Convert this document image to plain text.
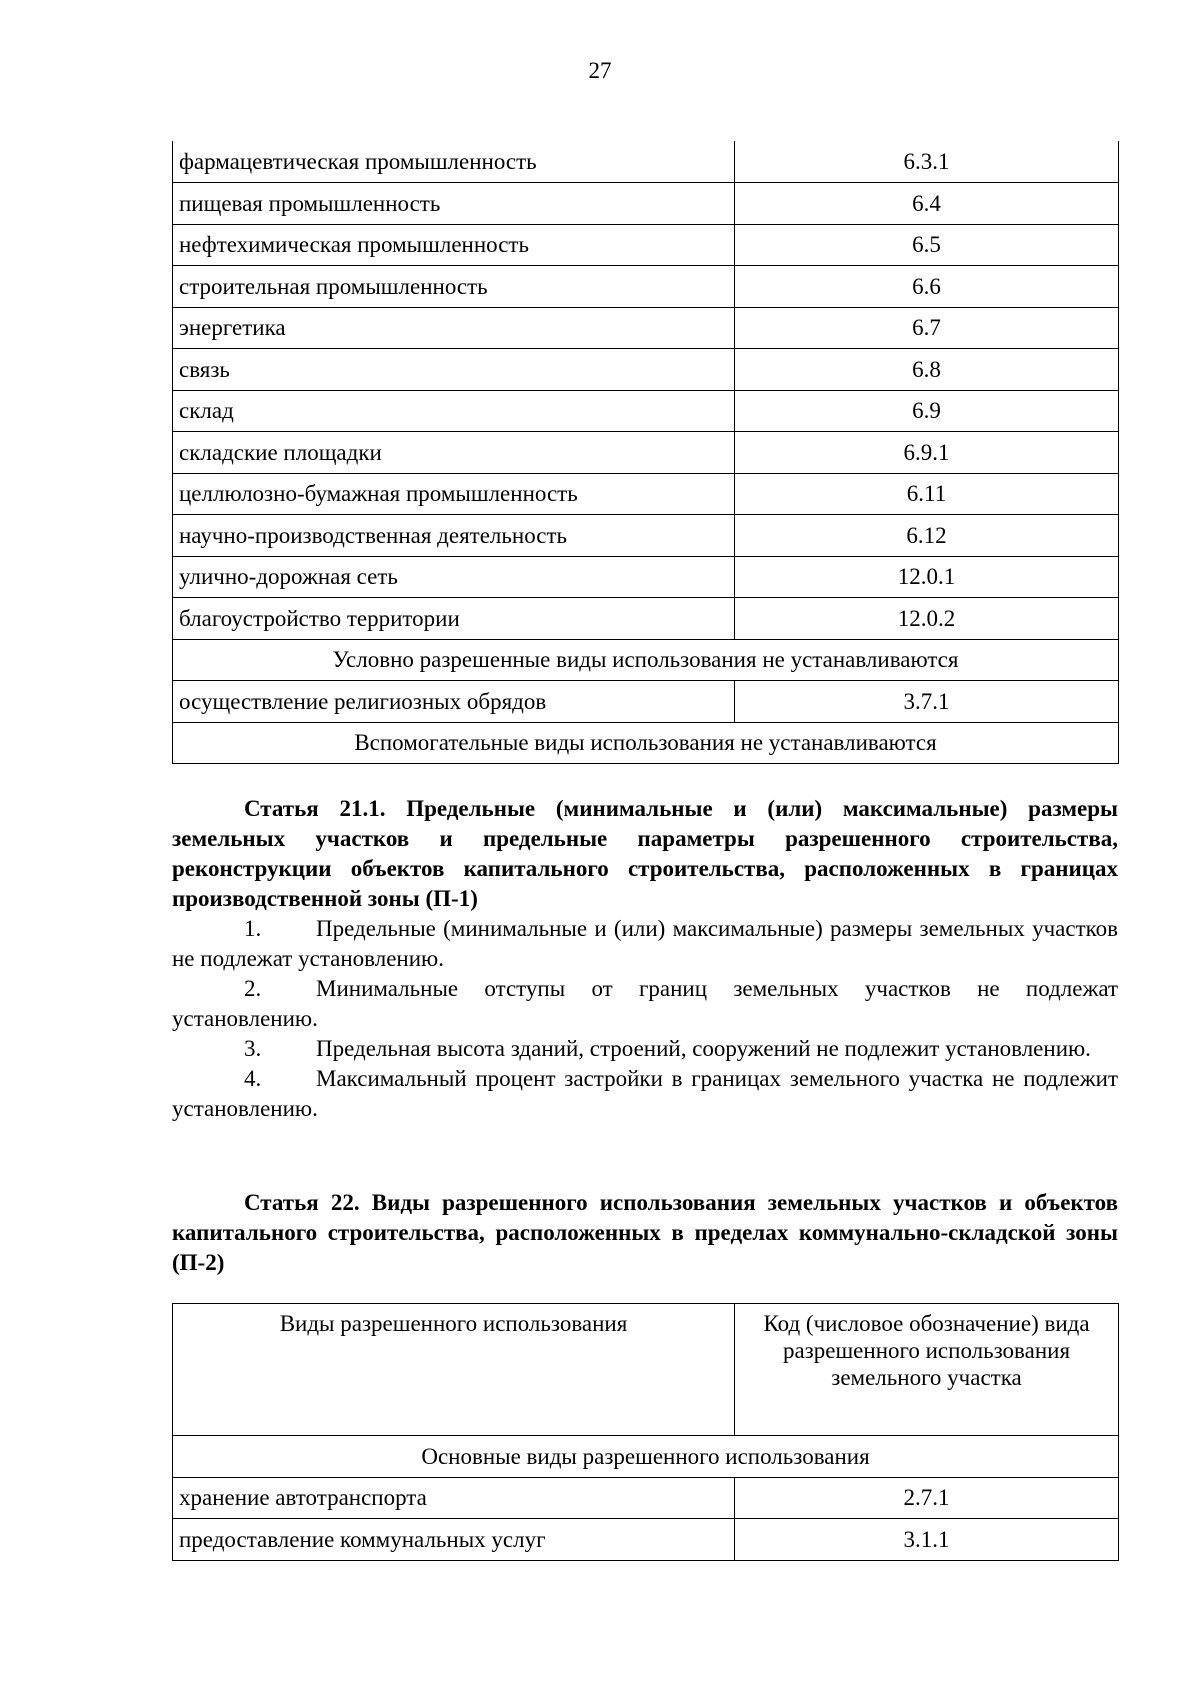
27
фармацевтическая промышленность	6.3.1
пищевая промышленность	6.4
нефтехимическая промышленность	6.5
строительная промышленность	6.6
энергетика	6.7
связь	6.8
склад	6.9
складские площадки	6.9.1
целлюлозно-бумажная промышленность	6.11
научно-производственная деятельность	6.12
улично-дорожная сеть	12.0.1
благоустройство территории	12.0.2
Условно разрешенные виды использования не устанавливаются	
осуществление религиозных обрядов	3.7.1
Вспомогательные виды использования не устанавливаются	

Статья 21.1. Предельные (минимальные и (или) максимальные) размеры земельных участков и предельные параметры разрешенного строительства, реконструкции объектов капитального строительства, расположенных в границах производственной зоны (П-1)

1. Предельные (минимальные и (или) максимальные) размеры земельных участков не подлежат установлению.

2. Минимальные отступы от границ земельных участков не подлежат установлению.

3. Предельная высота зданий, строений, сооружений не подлежит установлению.

4. Максимальный процент застройки в границах земельного участка не подлежит установлению.

Статья 22. Виды разрешенного использования земельных участков и объектов капитального строительства, расположенных в пределах коммунально-складской зоны (П-2)

Виды разрешенного использования	Код (числовое обозначение) вида разрешенного использования земельного участка
Основные виды разрешенного использования	
хранение автотранспорта	2.7.1
предоставление коммунальных услуг	3.1.1
